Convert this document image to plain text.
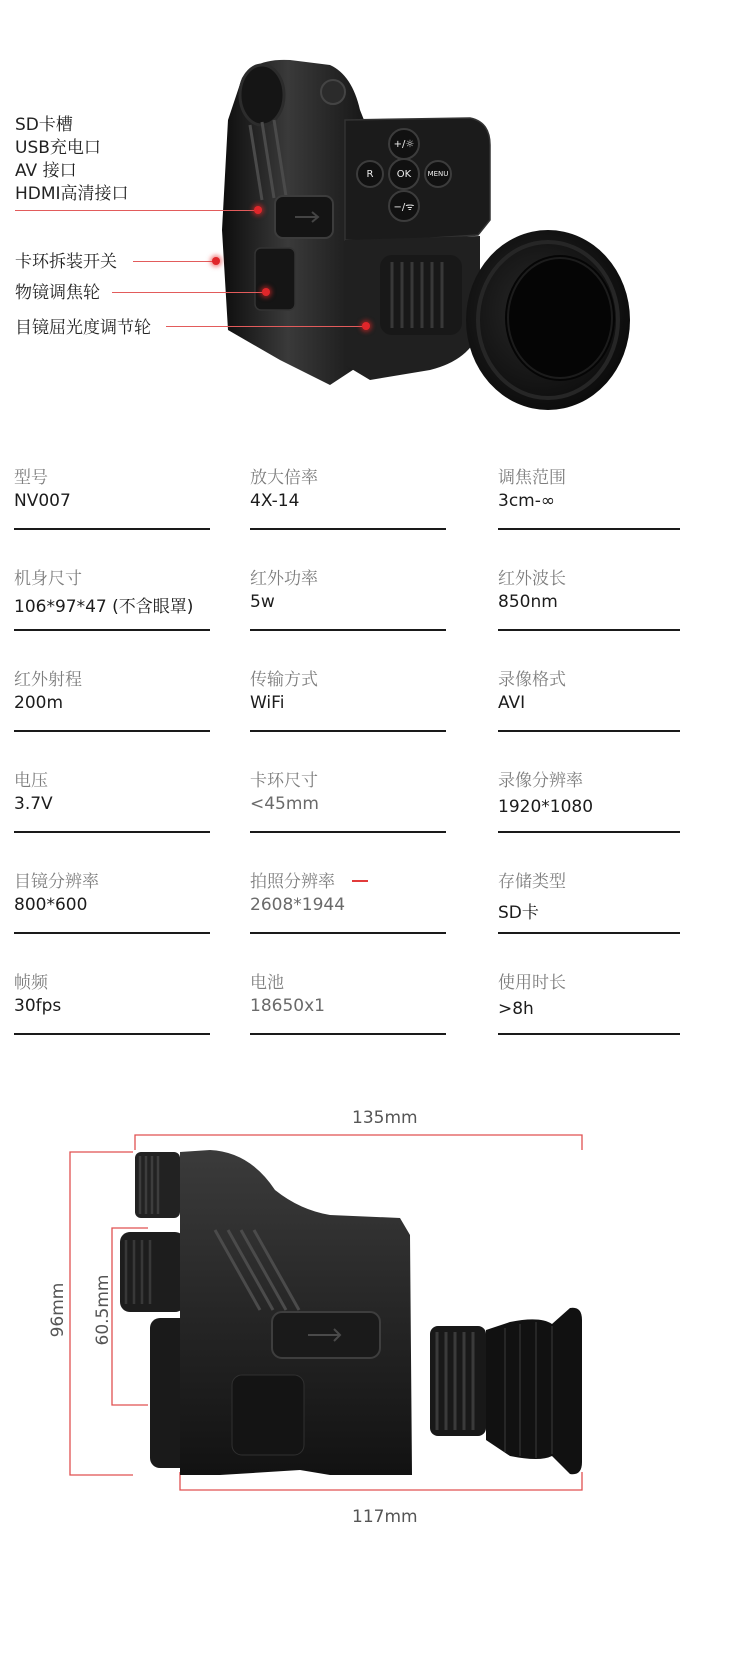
+/☼
R	OK	MENU
−/ᯤ
SD卡槽
USB充电口
AV 接口
HDMI高清接口
卡环拆装开关
物镜调焦轮
目镜屈光度调节轮
型号
NV007
放大倍率
4X-14
调焦范围
3cm-∞
机身尺寸
106*97*47 (不含眼罩)
红外功率
5w
红外波长
850nm
红外射程
200m
传输方式
WiFi
录像格式
AVI
电压
3.7V
卡环尺寸
<45mm
录像分辨率
1920*1080
目镜分辨率
800*600
拍照分辨率
2608*1944
存储类型
SD卡
帧频
30fps
电池
18650x1
使用时长
>8h
135mm
117mm
96mm 60.5mm
